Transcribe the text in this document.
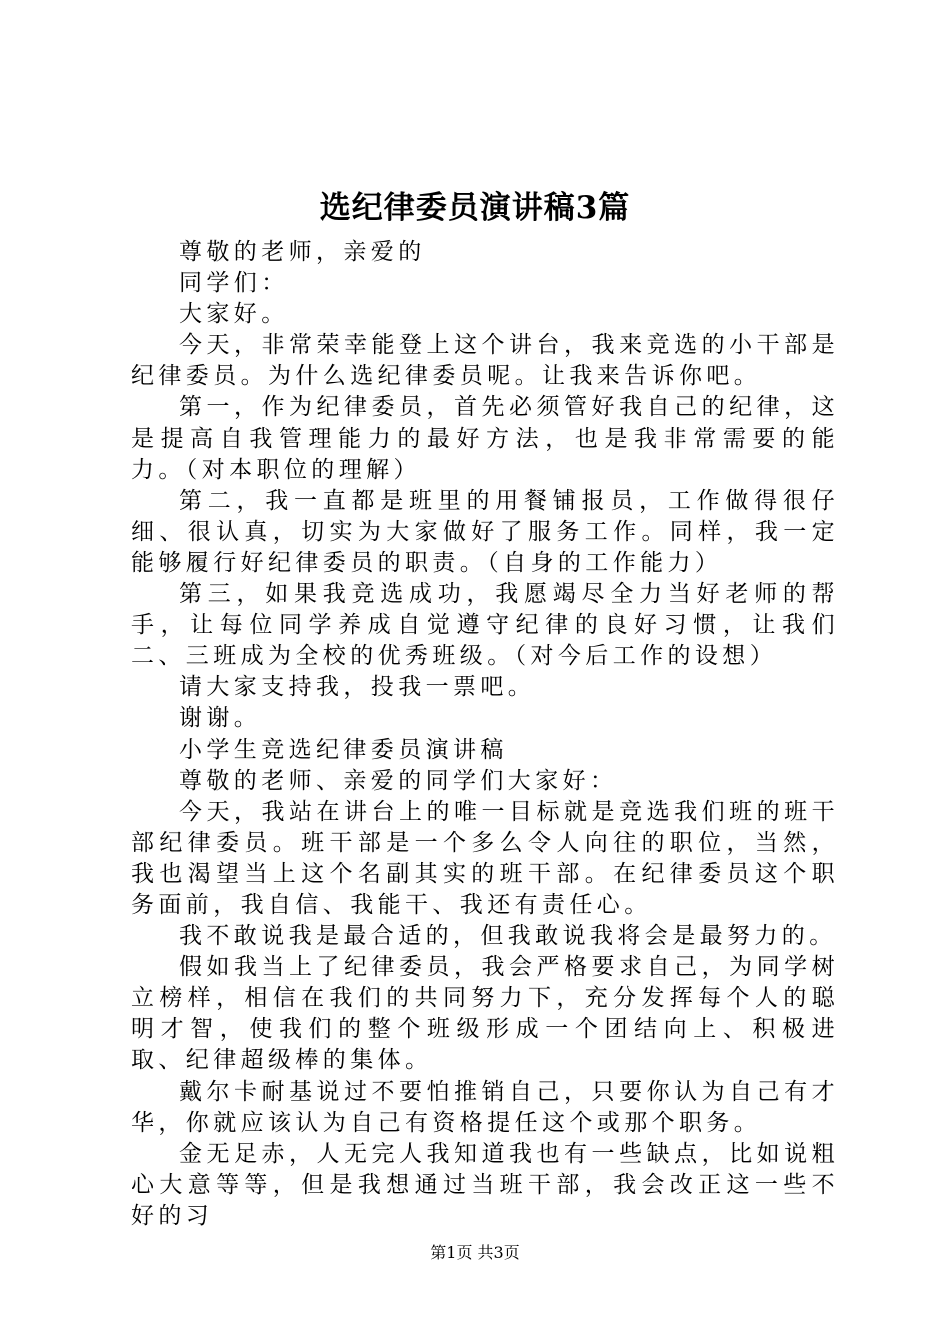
选纪律委员演讲稿3篇

尊敬的老师，亲爱的

同学们：

大家好。

今天，非常荣幸能登上这个讲台，我来竞选的小干部是纪律委员。为什么选纪律委员呢。让我来告诉你吧。

第一，作为纪律委员，首先必须管好我自己的纪律，这是提高自我管理能力的最好方法，也是我非常需要的能力。（对本职位的理解）

第二，我一直都是班里的用餐铺报员，工作做得很仔细、很认真，切实为大家做好了服务工作。同样，我一定能够履行好纪律委员的职责。（自身的工作能力）

第三，如果我竞选成功，我愿竭尽全力当好老师的帮手，让每位同学养成自觉遵守纪律的良好习惯，让我们二、三班成为全校的优秀班级。（对今后工作的设想）

请大家支持我，投我一票吧。

谢谢。

小学生竞选纪律委员演讲稿

尊敬的老师、亲爱的同学们大家好：

今天，我站在讲台上的唯一目标就是竞选我们班的班干部纪律委员。班干部是一个多么令人向往的职位，当然，我也渴望当上这个名副其实的班干部。在纪律委员这个职务面前，我自信、我能干、我还有责任心。

我不敢说我是最合适的，但我敢说我将会是最努力的。

假如我当上了纪律委员，我会严格要求自己，为同学树立榜样，相信在我们的共同努力下，充分发挥每个人的聪明才智，使我们的整个班级形成一个团结向上、积极进取、纪律超级棒的集体。

戴尔卡耐基说过不要怕推销自己，只要你认为自己有才华，你就应该认为自己有资格提任这个或那个职务。

金无足赤，人无完人我知道我也有一些缺点，比如说粗心大意等等，但是我想通过当班干部，我会改正这一些不好的习

第1页 共3页
